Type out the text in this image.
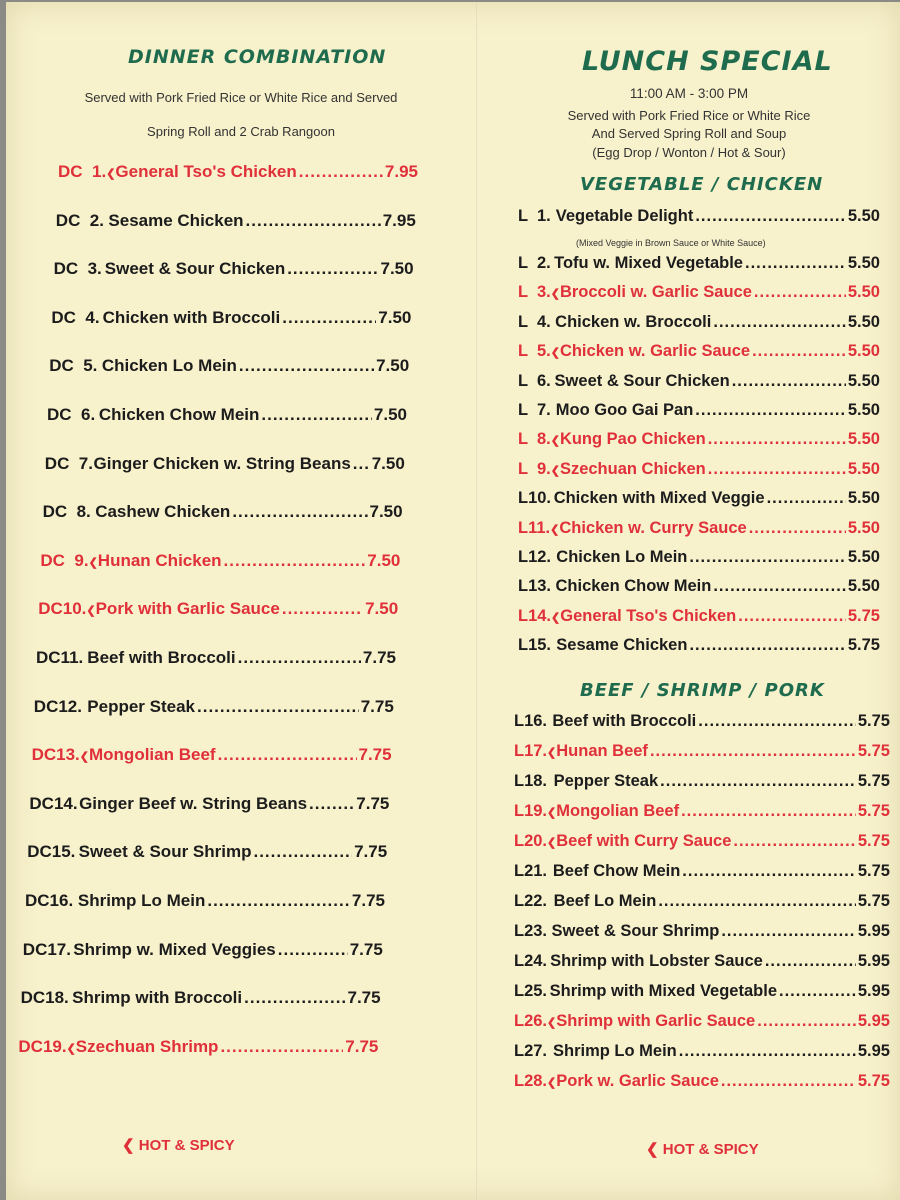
DINNER COMBINATION
Served with Pork Fried Rice or White Rice and Served
Spring Roll and 2 Crab Rangoon
DC  1. ❮ General Tso's Chicken .....	7.95
DC  2. Sesame Chicken .....	7.95
DC  3. Sweet & Sour Chicken .....	7.50
DC  4. Chicken with Broccoli .....	7.50
DC  5. Chicken Lo Mein .....	7.50
DC  6. Chicken Chow Mein .....	7.50
DC  7. Ginger Chicken w. String Beans ..... 7.50
DC  8. Cashew Chicken .....	7.50
DC  9. ❮ Hunan Chicken .....	7.50
DC10. ❮ Pork with Garlic Sauce .....	7.50
DC11. Beef with Broccoli .....	7.75
DC12. Pepper Steak .....	7.75
DC13. ❮ Mongolian Beef .....	7.75
DC14. Ginger Beef w. String Beans .....	7.75
DC15. Sweet & Sour Shrimp .....	7.75
DC16. Shrimp Lo Mein .....	7.75
DC17. Shrimp w. Mixed Veggies .....	7.75
DC18. Shrimp with Broccoli .....	7.75
DC19. ❮ Szechuan Shrimp .....	7.75
❮ HOT & SPICY
LUNCH SPECIAL
11:00 AM - 3:00 PM
Served with Pork Fried Rice or White Rice
And Served Spring Roll and Soup
(Egg Drop / Wonton / Hot & Sour)
VEGETABLE / CHICKEN
(Mixed Veggie in Brown Sauce or White Sauce)
BEEF / SHRIMP / PORK
L  1. Vegetable Delight .....	5.50
L  2. Tofu w. Mixed Vegetable .....	5.50
L  3. ❮ Broccoli w. Garlic Sauce .....	5.50
L  4. Chicken w. Broccoli .....	5.50
L  5. ❮ Chicken w. Garlic Sauce .....	5.50
L  6. Sweet & Sour Chicken .....	5.50
L  7. Moo Goo Gai Pan .....	5.50
L  8. ❮ Kung Pao Chicken .....	5.50
L  9. ❮ Szechuan Chicken .....	5.50
L10. Chicken with Mixed Veggie .....	5.50
L11. ❮ Chicken w. Curry Sauce .....	5.50
L12. Chicken Lo Mein .....	5.50
L13. Chicken Chow Mein .....	5.50
L14. ❮ General Tso's Chicken .....	5.75
L15. Sesame Chicken .....	5.75
L16. Beef with Broccoli .....	5.75
L17. ❮ Hunan Beef .....	5.75
L18. Pepper Steak .....	5.75
L19. ❮ Mongolian Beef .....	5.75
L20. ❮ Beef with Curry Sauce .....	5.75
L21. Beef Chow Mein .....	5.75
L22. Beef Lo Mein .....	5.75
L23. Sweet & Sour Shrimp .....	5.95
L24. Shrimp with Lobster Sauce .....	5.95
L25. Shrimp with Mixed Vegetable .....	5.95
L26. ❮ Shrimp with Garlic Sauce .....	5.95
L27. Shrimp Lo Mein .....	5.95
L28. ❮ Pork w. Garlic Sauce .....	5.75
❮ HOT & SPICY
